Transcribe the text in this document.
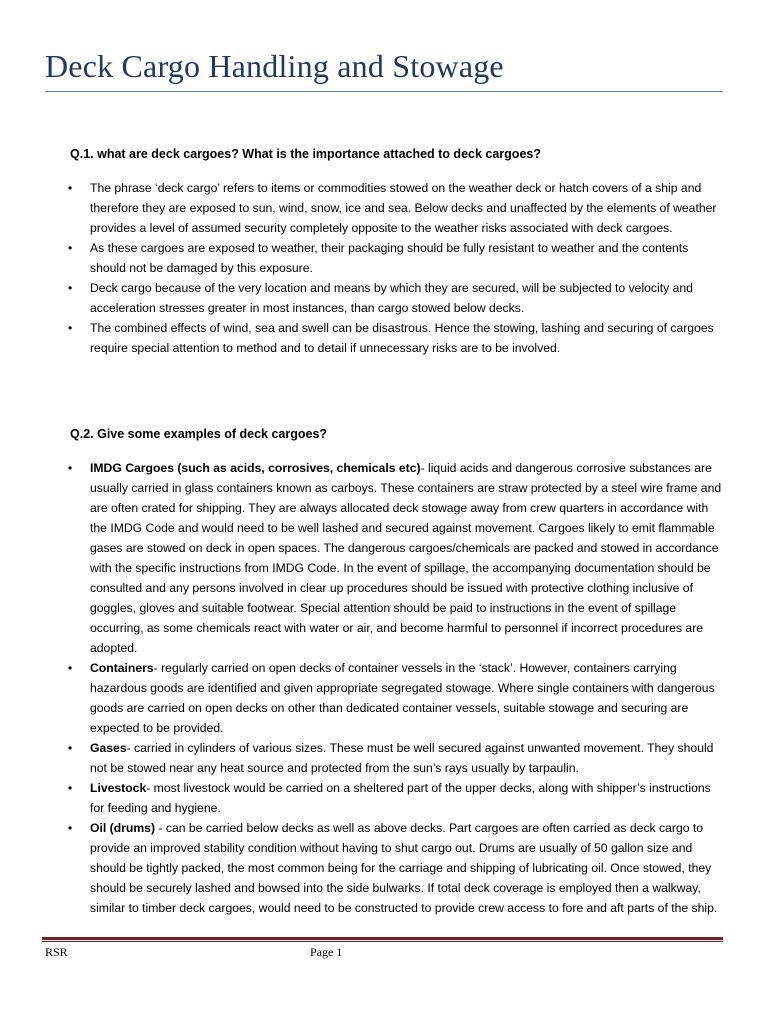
Deck Cargo Handling and Stowage
Q.1. what are deck cargoes? What is the importance attached to deck cargoes?
• The phrase ‘deck cargo’ refers to items or commodities stowed on the weather deck or hatch covers of a ship and therefore they are exposed to sun, wind, snow, ice and sea. Below decks and unaffected by the elements of weather provides a level of assumed security completely opposite to the weather risks associated with deck cargoes.
• As these cargoes are exposed to weather, their packaging should be fully resistant to weather and the contents should not be damaged by this exposure.
• Deck cargo because of the very location and means by which they are secured, will be subjected to velocity and acceleration stresses greater in most instances, than cargo stowed below decks.
• The combined effects of wind, sea and swell can be disastrous. Hence the stowing, lashing and securing of cargoes require special attention to method and to detail if unnecessary risks are to be involved.
Q.2. Give some examples of deck cargoes?
• IMDG Cargoes (such as acids, corrosives, chemicals etc)- liquid acids and dangerous corrosive substances are usually carried in glass containers known as carboys. These containers are straw protected by a steel wire frame and are often crated for shipping. They are always allocated deck stowage away from crew quarters in accordance with the IMDG Code and would need to be well lashed and secured against movement. Cargoes likely to emit flammable gases are stowed on deck in open spaces. The dangerous cargoes/chemicals are packed and stowed in accordance with the specific instructions from IMDG Code. In the event of spillage, the accompanying documentation should be consulted and any persons involved in clear up procedures should be issued with protective clothing inclusive of goggles, gloves and suitable footwear. Special attention should be paid to instructions in the event of spillage occurring, as some chemicals react with water or air, and become harmful to personnel if incorrect procedures are adopted.
• Containers- regularly carried on open decks of container vessels in the ‘stack’. However, containers carrying hazardous goods are identified and given appropriate segregated stowage. Where single containers with dangerous goods are carried on open decks on other than dedicated container vessels, suitable stowage and securing are expected to be provided.
• Gases- carried in cylinders of various sizes. These must be well secured against unwanted movement. They should not be stowed near any heat source and protected from the sun’s rays usually by tarpaulin.
• Livestock- most livestock would be carried on a sheltered part of the upper decks, along with shipper’s instructions for feeding and hygiene.
• Oil (drums) - can be carried below decks as well as above decks. Part cargoes are often carried as deck cargo to provide an improved stability condition without having to shut cargo out. Drums are usually of 50 gallon size and should be tightly packed, the most common being for the carriage and shipping of lubricating oil. Once stowed, they should be securely lashed and bowsed into the side bulwarks. If total deck coverage is employed then a walkway, similar to timber deck cargoes, would need to be constructed to provide crew access to fore and aft parts of the ship.
RSR	Page 1
